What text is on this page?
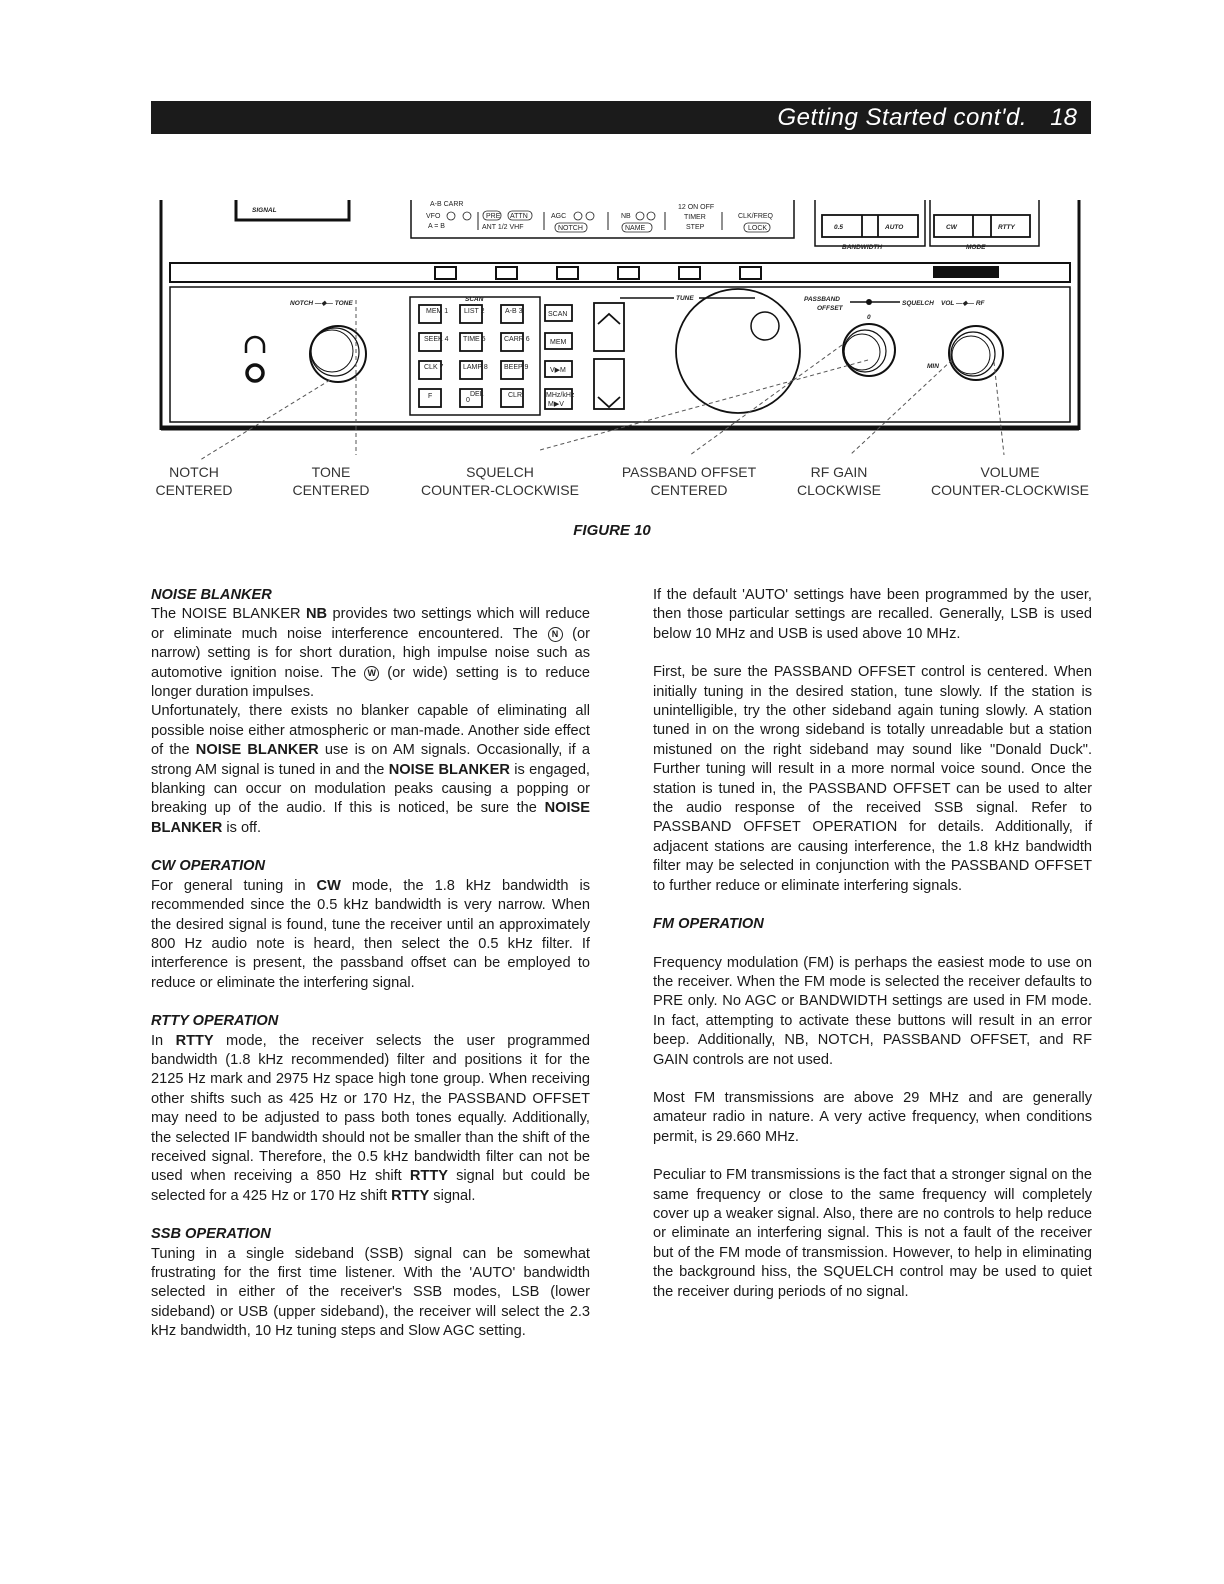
Getting Started cont'd. 18
SIGNAL
A-B CARR
VFO
A = B
PRE ATTN
ANT 1/2 VHF
AGC
NOTCH
NB
NAME
12 ON OFF
TIMER
STEP
CLK/FREQ
LOCK	0.5	AUTO
BANDWIDTH
CW	RTTY
MODE
NOTCH —◆— TONE
SCAN
MEM 1 LIST 2	A-B 3	SCAN
SEEK 4 TIME 5	CARR 6	MEM
CLK 7	LAMP 8 BEEP 9	V▶M
F
0
DEL	CLR	MHz/kHz
M▶V
TUNE	PASSBAND
OFFSET
SQUELCH
0
VOL —◆— RF
MIN
NOTCH
CENTERED
TONE
CENTERED
SQUELCH
COUNTER-CLOCKWISE
PASSBAND OFFSET
CENTERED
RF GAIN
CLOCKWISE
VOLUME
COUNTER-CLOCKWISE
FIGURE 10
NOISE BLANKER

The NOISE BLANKER NB provides two settings which will reduce or eliminate much noise interference encountered. The N (or narrow) setting is for short duration, high impulse noise such as automotive ignition noise. The W (or wide) setting is to reduce longer duration impulses.

Unfortunately, there exists no blanker capable of eliminating all possible noise either atmospheric or man-made. Another side effect of the NOISE BLANKER use is on AM signals. Occasionally, if a strong AM signal is tuned in and the NOISE BLANKER is engaged, blanking can occur on modulation peaks causing a popping or breaking up of the audio. If this is noticed, be sure the NOISE BLANKER is off.

CW OPERATION

For general tuning in CW mode, the 1.8 kHz bandwidth is recommended since the 0.5 kHz bandwidth is very narrow. When the desired signal is found, tune the receiver until an approximately 800 Hz audio note is heard, then select the 0.5 kHz filter. If interference is present, the passband offset can be employed to reduce or eliminate the interfering signal.

RTTY OPERATION

In RTTY mode, the receiver selects the user programmed bandwidth (1.8 kHz recommended) filter and positions it for the 2125 Hz mark and 2975 Hz space high tone group. When receiving other shifts such as 425 Hz or 170 Hz, the PASSBAND OFFSET may need to be adjusted to pass both tones equally. Additionally, the selected IF bandwidth should not be smaller than the shift of the received signal. Therefore, the 0.5 kHz bandwidth filter can not be used when receiving a 850 Hz shift RTTY signal but could be selected for a 425 Hz or 170 Hz shift RTTY signal.

SSB OPERATION

Tuning in a single sideband (SSB) signal can be somewhat frustrating for the first time listener. With the 'AUTO' bandwidth selected in either of the receiver's SSB modes, LSB (lower sideband) or USB (upper sideband), the receiver will select the 2.3 kHz bandwidth, 10 Hz tuning steps and Slow AGC setting.

If the default 'AUTO' settings have been programmed by the user, then those particular settings are recalled. Generally, LSB is used below 10 MHz and USB is used above 10 MHz.

First, be sure the PASSBAND OFFSET control is centered. When initially tuning in the desired station, tune slowly. If the station is unintelligible, try the other sideband again tuning slowly. A station tuned in on the wrong sideband is totally unreadable but a station mistuned on the right sideband may sound like "Donald Duck". Further tuning will result in a more normal voice sound. Once the station is tuned in, the PASSBAND OFFSET can be used to alter the audio response of the received SSB signal. Refer to PASSBAND OFFSET OPERATION for details. Additionally, if adjacent stations are causing interference, the 1.8 kHz bandwidth filter may be selected in conjunction with the PASSBAND OFFSET to further reduce or eliminate interfering signals.

FM OPERATION

Frequency modulation (FM) is perhaps the easiest mode to use on the receiver. When the FM mode is selected the receiver defaults to PRE only. No AGC or BANDWIDTH settings are used in FM mode. In fact, attempting to activate these buttons will result in an error beep. Additionally, NB, NOTCH, PASSBAND OFFSET, and RF GAIN controls are not used.

Most FM transmissions are above 29 MHz and are generally amateur radio in nature. A very active frequency, when conditions permit, is 29.660 MHz.

Peculiar to FM transmissions is the fact that a stronger signal on the same frequency or close to the same frequency will completely cover up a weaker signal. Also, there are no controls to help reduce or eliminate an interfering signal. This is not a fault of the receiver but of the FM mode of transmission. However, to help in eliminating the background hiss, the SQUELCH control may be used to quiet the receiver during periods of no signal.
